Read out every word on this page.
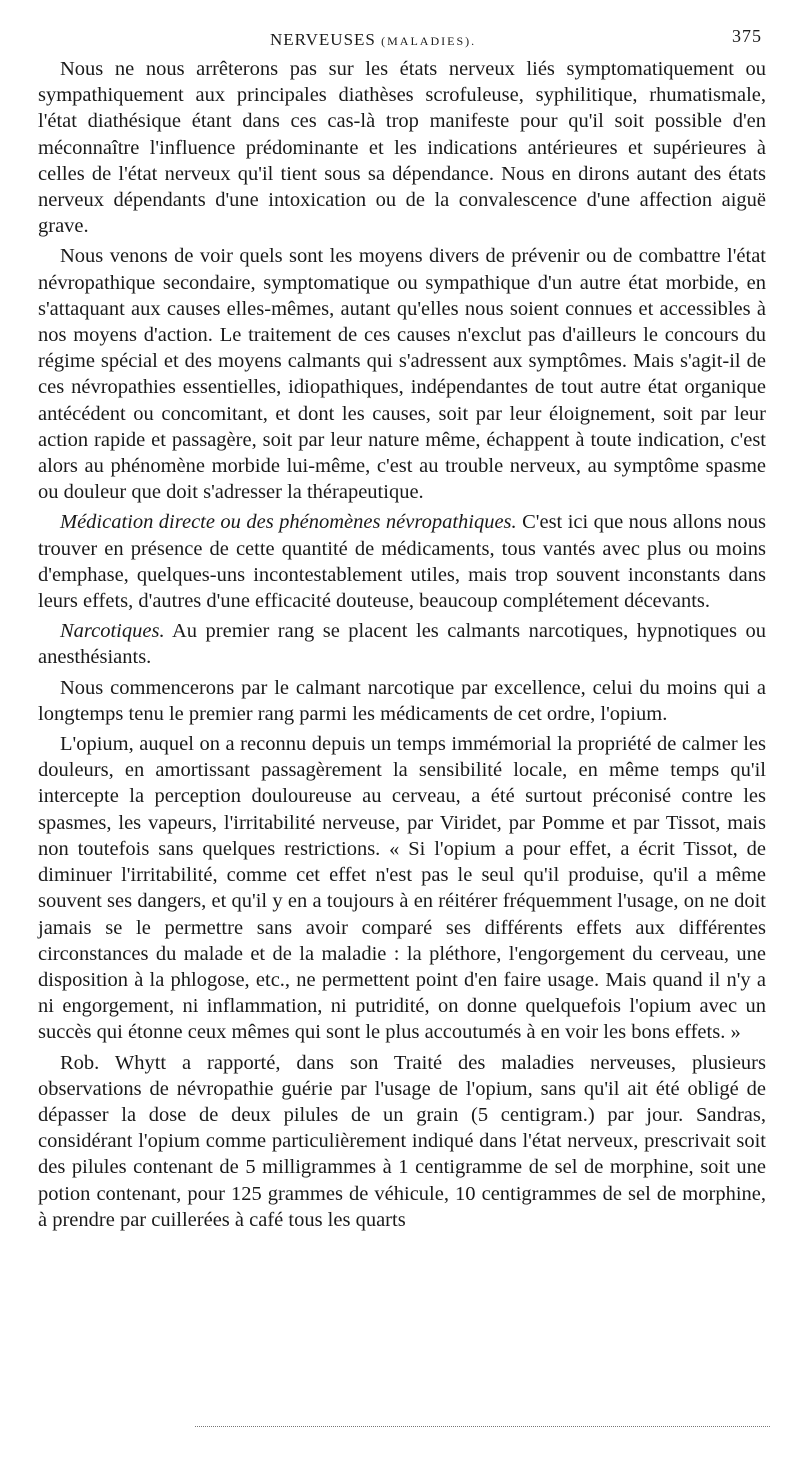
NERVEUSES (MALADIES).	375

Nous ne nous arrêterons pas sur les états nerveux liés symptomatiquement ou sympathiquement aux principales diathèses scrofuleuse, syphilitique, rhumatismale, l'état diathésique étant dans ces cas-là trop manifeste pour qu'il soit possible d'en méconnaître l'influence prédominante et les indications antérieures et supérieures à celles de l'état nerveux qu'il tient sous sa dépendance. Nous en dirons autant des états nerveux dépendants d'une intoxication ou de la convalescence d'une affection aiguë grave.

Nous venons de voir quels sont les moyens divers de prévenir ou de combattre l'état névropathique secondaire, symptomatique ou sympathique d'un autre état morbide, en s'attaquant aux causes elles-mêmes, autant qu'elles nous soient connues et accessibles à nos moyens d'action. Le traitement de ces causes n'exclut pas d'ailleurs le concours du régime spécial et des moyens calmants qui s'adressent aux symptômes. Mais s'agit-il de ces névropathies essentielles, idiopathiques, indépendantes de tout autre état organique antécédent ou concomitant, et dont les causes, soit par leur éloignement, soit par leur action rapide et passagère, soit par leur nature même, échappent à toute indication, c'est alors au phénomène morbide lui-même, c'est au trouble nerveux, au symptôme spasme ou douleur que doit s'adresser la thérapeutique.

Médication directe ou des phénomènes névropathiques. C'est ici que nous allons nous trouver en présence de cette quantité de médicaments, tous vantés avec plus ou moins d'emphase, quelques-uns incontestablement utiles, mais trop souvent inconstants dans leurs effets, d'autres d'une efficacité douteuse, beaucoup complétement décevants.

Narcotiques. Au premier rang se placent les calmants narcotiques, hypnotiques ou anesthésiants.

Nous commencerons par le calmant narcotique par excellence, celui du moins qui a longtemps tenu le premier rang parmi les médicaments de cet ordre, l'opium.

L'opium, auquel on a reconnu depuis un temps immémorial la propriété de calmer les douleurs, en amortissant passagèrement la sensibilité locale, en même temps qu'il intercepte la perception douloureuse au cerveau, a été surtout préconisé contre les spasmes, les vapeurs, l'irritabilité nerveuse, par Viridet, par Pomme et par Tissot, mais non toutefois sans quelques restrictions. « Si l'opium a pour effet, a écrit Tissot, de diminuer l'irritabilité, comme cet effet n'est pas le seul qu'il produise, qu'il a même souvent ses dangers, et qu'il y en a toujours à en réitérer fréquemment l'usage, on ne doit jamais se le permettre sans avoir comparé ses différents effets aux différentes circonstances du malade et de la maladie : la pléthore, l'engorgement du cerveau, une disposition à la phlogose, etc., ne permettent point d'en faire usage. Mais quand il n'y a ni engorgement, ni inflammation, ni putridité, on donne quelquefois l'opium avec un succès qui étonne ceux mêmes qui sont le plus accoutumés à en voir les bons effets. »

Rob. Whytt a rapporté, dans son Traité des maladies nerveuses, plusieurs observations de névropathie guérie par l'usage de l'opium, sans qu'il ait été obligé de dépasser la dose de deux pilules de un grain (5 centigram.) par jour. Sandras, considérant l'opium comme particulièrement indiqué dans l'état nerveux, prescrivait soit des pilules contenant de 5 milligrammes à 1 centigramme de sel de morphine, soit une potion contenant, pour 125 grammes de véhicule, 10 centigrammes de sel de morphine, à prendre par cuillerées à café tous les quarts
